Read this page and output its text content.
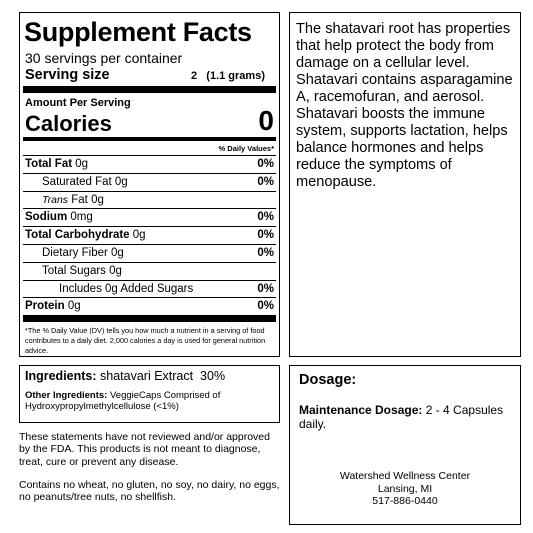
Supplement Facts
30 servings per container
Serving size	2   (1.1 grams)
Amount Per Serving
Calories	0
% Daily Values*
Total Fat 0g	0%
Saturated Fat 0g	0%
Trans Fat 0g
Sodium 0mg	0%
Total Carbohydrate 0g	0%
Dietary Fiber 0g	0%
Total Sugars 0g
Includes 0g Added Sugars	0%
Protein 0g	0%
*The % Daily Value (DV) tells you how much a nutrient in a serving of food contributes to a daily diet. 2,000 calories a day is used for general nutrition advice.
The shatavari root has properties that help protect the body from damage on a cellular level. Shatavari contains asparagamine A, racemofuran, and aerosol. Shatavari boosts the immune system, supports lactation, helps balance hormones and helps reduce the symptoms of menopause.
Ingredients: shatavari Extract  30%
Other Ingredients: VeggieCaps Comprised of Hydroxypropylmethylcellulose (<1%)
Dosage:
Maintenance Dosage: 2 - 4 Capsules daily.
Watershed Wellness Center
Lansing, MI
517-886-0440

These statements have not reviewed and/or approved by the FDA. This products is not meant to diagnose, treat, cure or prevent any disease.

Contains no wheat, no gluten, no soy, no dairy, no eggs, no peanuts/tree nuts, no shellfish.
